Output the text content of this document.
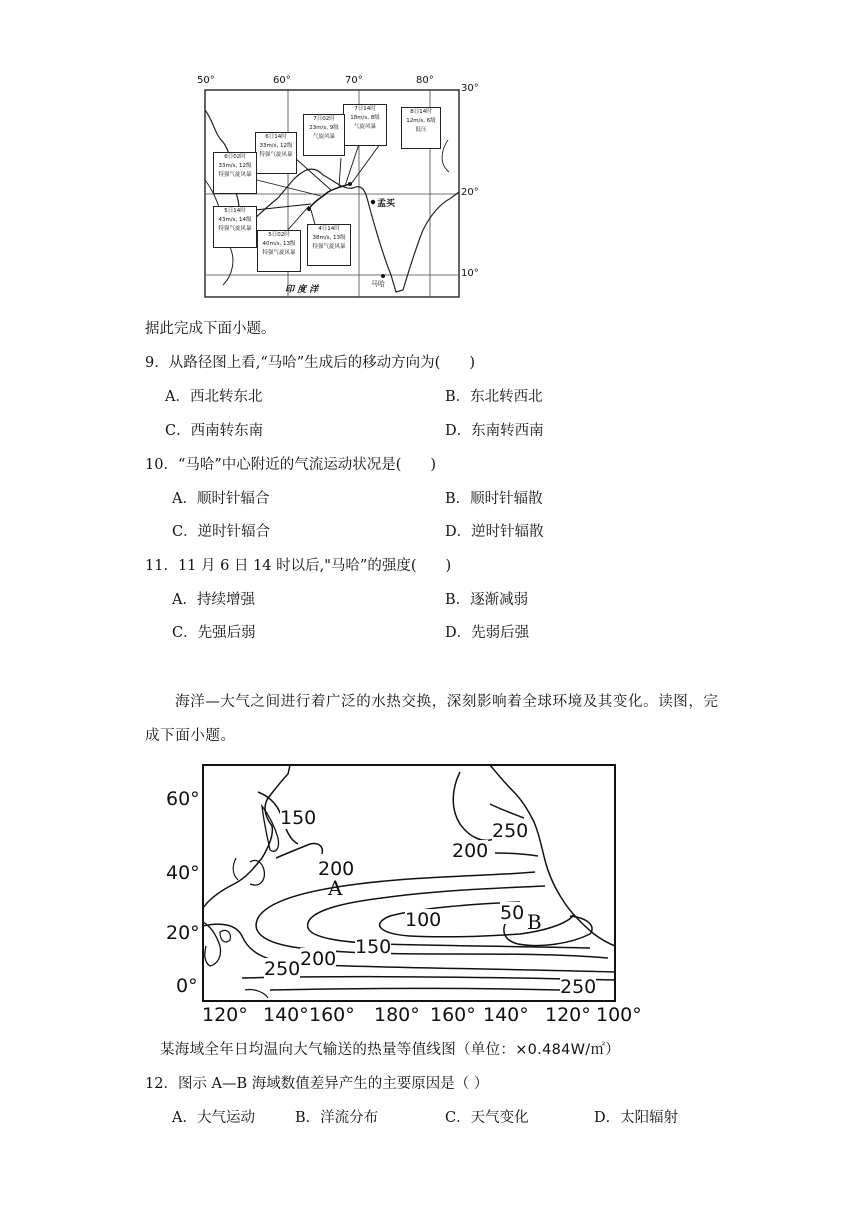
50°	60°	70°	80°
30°
20°
10°
孟买
马哈
印 度 洋
8日14时
12m/s, 6级
低压
7日14时
18m/s, 8级
气旋风暴
7日02时
23m/s, 9级
气旋风暴
6日14时
33m/s, 12级
特强气旋风暴
6日02时
33m/s, 12级
特强气旋风暴
5日14时
43m/s, 14级
特强气旋风暴
5日02时
40m/s, 13级
特强气旋风暴
4日14时
38m/s, 13级
特强气旋风暴
据此完成下面小题。
9．从路径图上看,“马哈”生成后的移动方向为(　　)
A．西北转东北	B．东北转西北
C．西南转东南	D．东南转西南
10．“马哈”中心附近的气流运动状况是(　　)
A．顺时针辐合	B．顺时针辐散
C．逆时针辐合	D．逆时针辐散
11．11 月 6 日 14 时以后,"马哈”的强度(　　)
A．持续增强	B．逐渐减弱
C．先强后弱	D．先弱后强
海洋—大气之间进行着广泛的水热交换，深刻影响着全球环境及其变化。读图，完
成下面小题。
60°
40°
20°
0°
120° 140° 160° 180° 160° 140° 120° 100°
150
200
250
200
100	50
150
200
250
250
A
B
某海域全年日均温向大气输送的热量等值线图（单位：×0.484W/㎡）
12．图示 A—B 海域数值差异产生的主要原因是（ ）
A．大气运动	B．洋流分布	C．天气变化	D．太阳辐射
